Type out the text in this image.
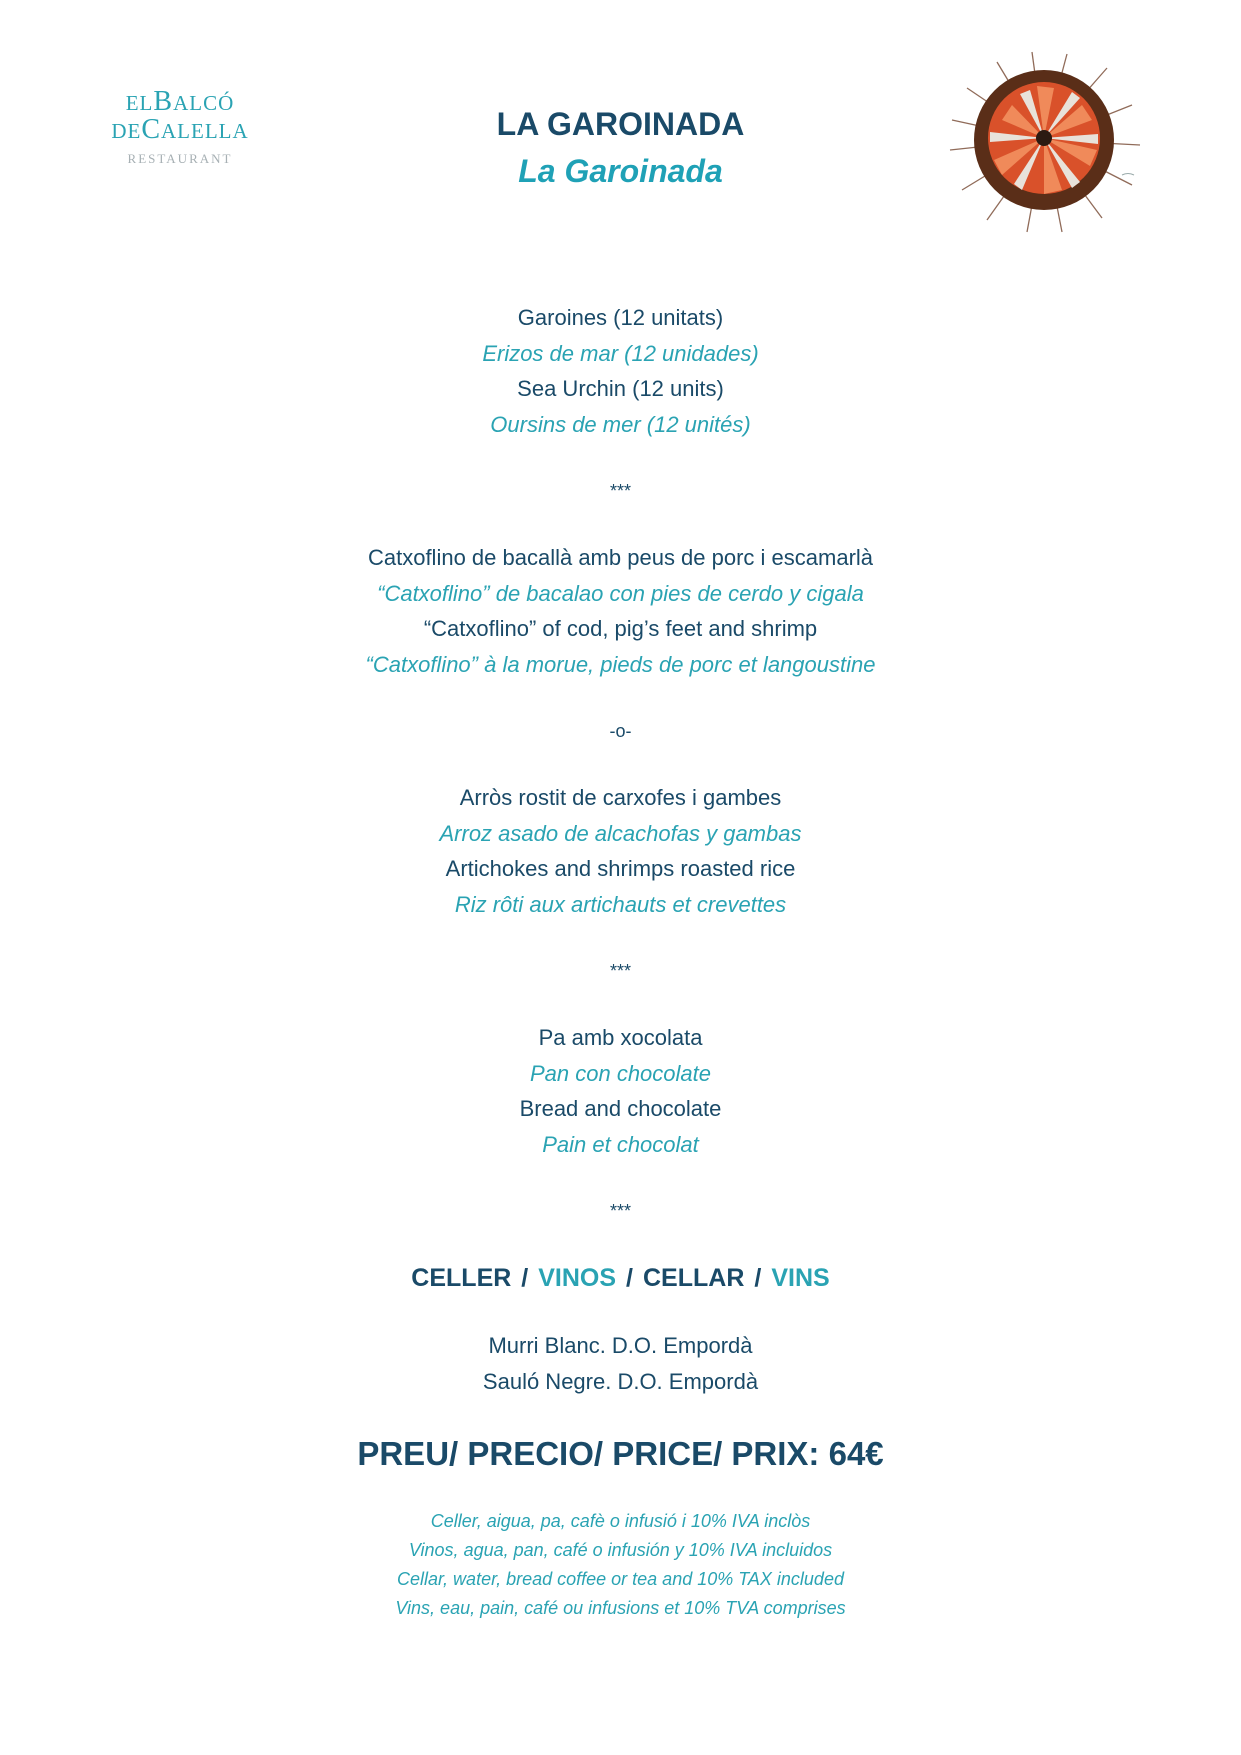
ELBALCÓ
DECALELLA
RESTAURANT
LA GAROINADA
La Garoinada
Garoines (12 unitats)
Erizos de mar (12 unidades)
Sea Urchin (12 units)
Oursins de mer (12 unités)
***
Catxoflino de bacallà amb peus de porc i escamarlà
“Catxoflino” de bacalao con pies de cerdo y cigala
“Catxoflino” of cod, pig’s feet and shrimp
“Catxoflino” à la morue, pieds de porc et langoustine
-o-
Arròs rostit de carxofes i gambes
Arroz asado de alcachofas y gambas
Artichokes and shrimps roasted rice
Riz rôti aux artichauts et crevettes
***
Pa amb xocolata
Pan con chocolate
Bread and chocolate
Pain et chocolat
***
CELLER / VINOS / CELLAR / VINS
Murri Blanc. D.O. Empordà
Sauló Negre. D.O. Empordà
PREU/ PRECIO/ PRICE/ PRIX: 64€
Celler, aigua, pa, cafè o infusió i 10% IVA inclòs
Vinos, agua, pan, café o infusión y 10% IVA incluidos
Cellar, water, bread coffee or tea and 10% TAX included
Vins, eau, pain, café ou infusions et 10% TVA comprises
